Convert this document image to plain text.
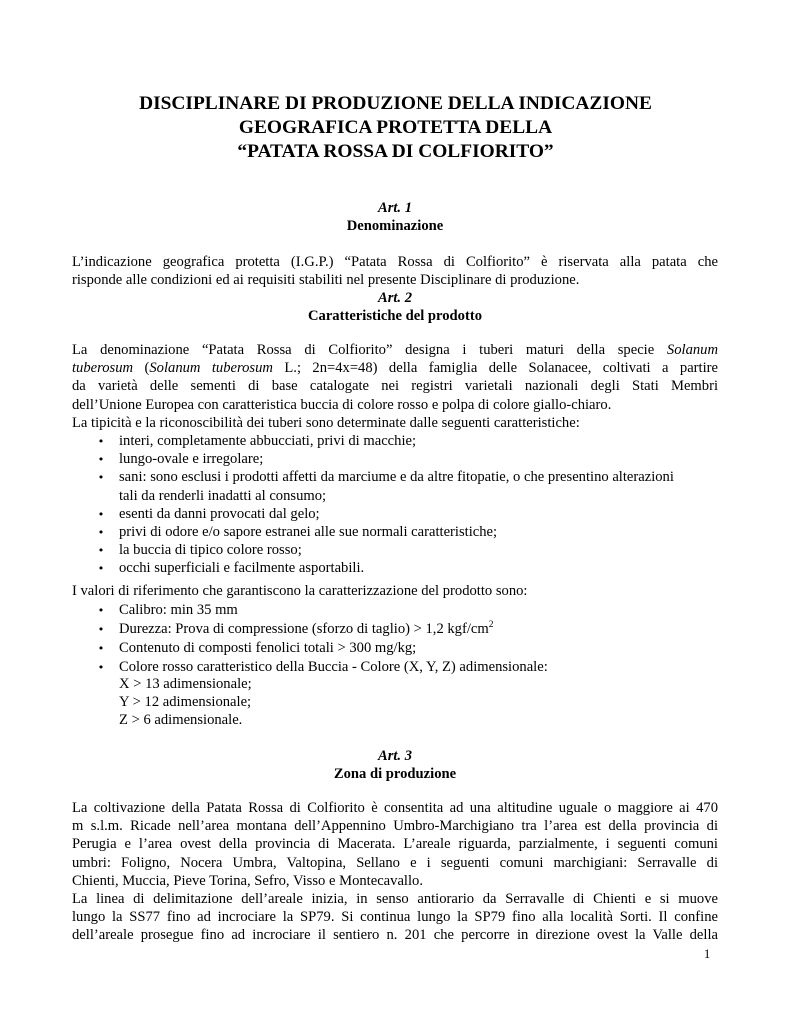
DISCIPLINARE DI PRODUZIONE DELLA INDICAZIONE
GEOGRAFICA PROTETTA DELLA
“PATATA ROSSA DI COLFIORITO”
Art. 1
Denominazione
L’indicazione geografica protetta (I.G.P.) “Patata Rossa di Colfiorito” è riservata alla patata che
risponde alle condizioni ed ai requisiti stabiliti nel presente Disciplinare di produzione.
Art. 2
Caratteristiche del prodotto
La denominazione “Patata Rossa di Colfiorito” designa i tuberi maturi della specie Solanum
tuberosum (Solanum tuberosum L.; 2n=4x=48) della famiglia delle Solanacee, coltivati a partire
da varietà delle sementi di base catalogate nei registri varietali nazionali degli Stati Membri
dell’Unione Europea con caratteristica buccia di colore rosso e polpa di colore giallo-chiaro.
La tipicità e la riconoscibilità dei tuberi sono determinate dalle seguenti caratteristiche:
•
interi, completamente abbucciati, privi di macchie;
•
lungo-ovale e irregolare;
•
sani: sono esclusi i prodotti affetti da marciume e da altre fitopatie, o che presentino alterazioni
tali da renderli inadatti al consumo;
•
esenti da danni provocati dal gelo;
•
privi di odore e/o sapore estranei alle sue normali caratteristiche;
•
la buccia di tipico colore rosso;
•
occhi superficiali e facilmente asportabili.
I valori di riferimento che garantiscono la caratterizzazione del prodotto sono:
•
Calibro: min 35 mm
•
Durezza: Prova di compressione (sforzo di taglio) > 1,2 kgf/$cm^2$
•
Contenuto di composti fenolici totali > 300 mg/kg;
•
Colore rosso caratteristico della Buccia - Colore (X, Y, Z) adimensionale:
X > 13 adimensionale;
Y > 12 adimensionale;
Z > 6 adimensionale.
Art. 3
Zona di produzione
La coltivazione della Patata Rossa di Colfiorito è consentita ad una altitudine uguale o maggiore ai 470
m s.l.m. Ricade nell’area montana dell’Appennino Umbro-Marchigiano tra l’area est della provincia di
Perugia e l’area ovest della provincia di Macerata. L’areale riguarda, parzialmente, i seguenti comuni
umbri: Foligno, Nocera Umbra, Valtopina, Sellano e i seguenti comuni marchigiani: Serravalle di
Chienti, Muccia, Pieve Torina, Sefro, Visso e Montecavallo.
La linea di delimitazione dell’areale inizia, in senso antiorario da Serravalle di Chienti e si muove
lungo la SS77 fino ad incrociare la SP79. Si continua lungo la SP79 fino alla località Sorti. Il confine
dell’areale prosegue fino ad incrociare il sentiero n. 201 che percorre in direzione ovest la Valle della
1
